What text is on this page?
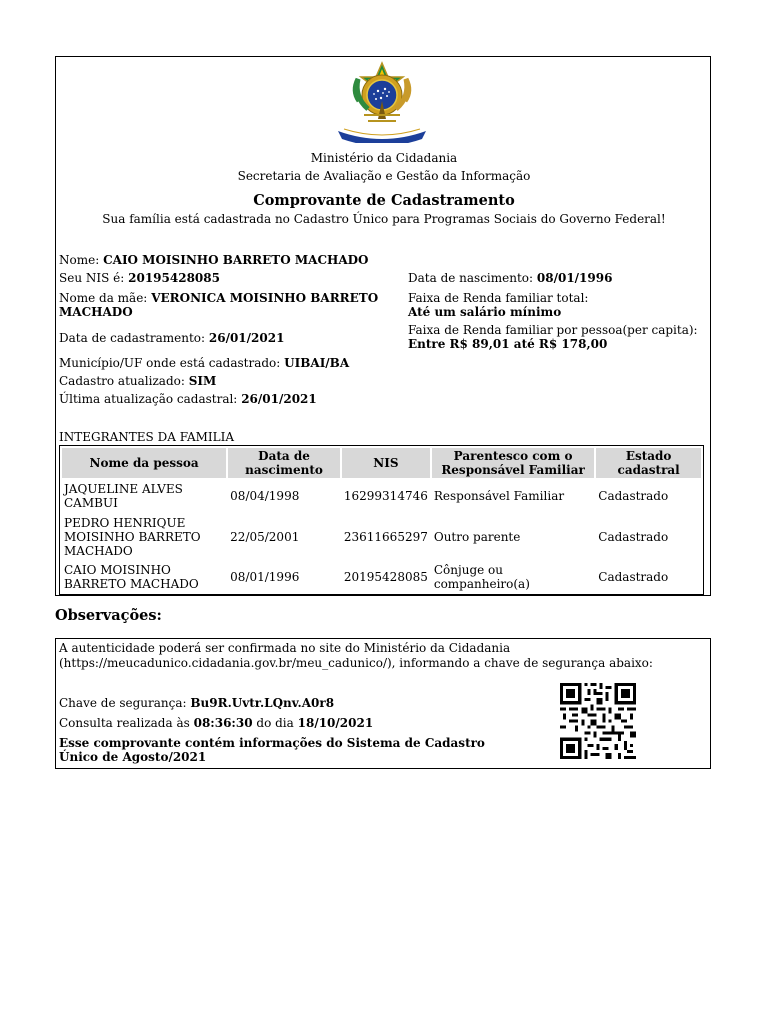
Ministério da Cidadania
Secretaria de Avaliação e Gestão da Informação
Comprovante de Cadastramento
Sua família está cadastrada no Cadastro Único para Programas Sociais do Governo Federal!
Nome: CAIO MOISINHO BARRETO MACHADO
Seu NIS é: 20195428085
Nome da mãe: VERONICA MOISINHO BARRETO
MACHADO
Data de cadastramento: 26/01/2021
Município/UF onde está cadastrado: UIBAI/BA
Cadastro atualizado: SIM
Última atualização cadastral: 26/01/2021
Data de nascimento: 08/01/1996
Faixa de Renda familiar total:
Até um salário mínimo
Faixa de Renda familiar por pessoa(per capita):
Entre R$ 89,01 até R$ 178,00
INTEGRANTES DA FAMILIA
Nome da pessoa	Data de nascimento	NIS	Parentesco com o Responsável Familiar	Estado cadastral
JAQUELINE ALVES CAMBUI	08/04/1998	16299314746	Responsável Familiar	Cadastrado
PEDRO HENRIQUE MOISINHO BARRETO MACHADO	22/05/2001	23611665297	Outro parente	Cadastrado
CAIO MOISINHO BARRETO MACHADO	08/01/1996	20195428085	Cônjuge ou companheiro(a)	Cadastrado
Observações:
A autenticidade poderá ser confirmada no site do Ministério da Cidadania
(https://meucadunico.cidadania.gov.br/meu_cadunico/), informando a chave de segurança abaixo:
Chave de segurança: Bu9R.Uvtr.LQnv.A0r8
Consulta realizada às 08:36:30 do dia 18/10/2021
Esse comprovante contém informações do Sistema de Cadastro
Único de Agosto/2021
